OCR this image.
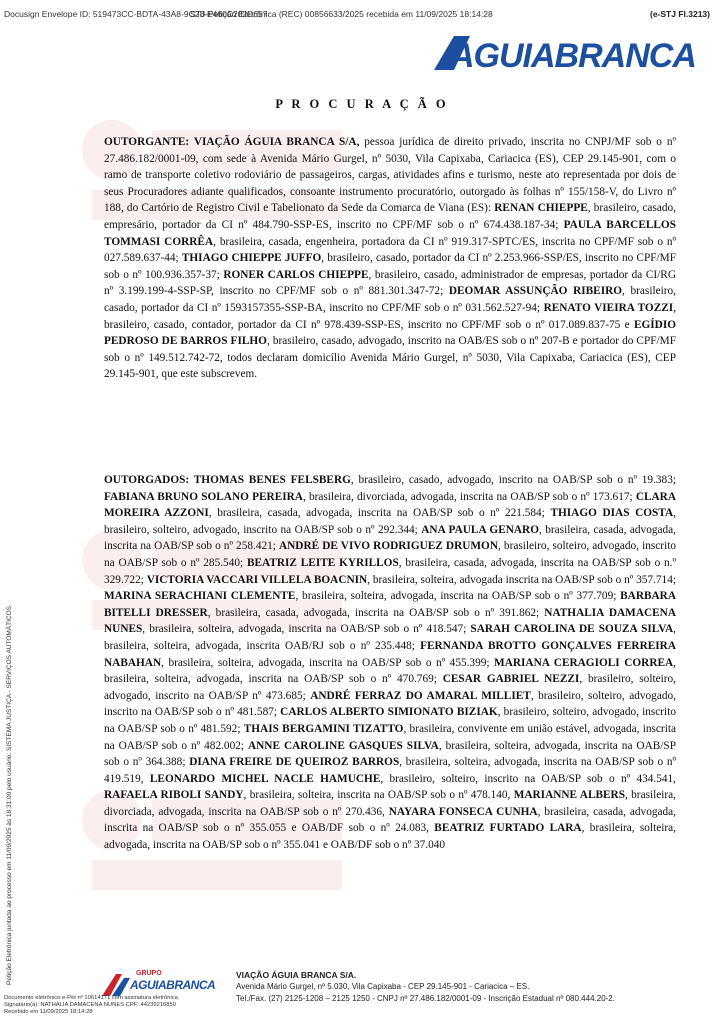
Docusign Envelope ID: 519473CC-BDTA-43A8-9C28-E460C202D657
STJ-Petição Eletrônica (REC) 00856633/2025 recebida em 11/09/2025 18:14:28	(e-STJ Fl.3213)
AGUIABRANCA
P R O C U R A Ç Ã O

OUTORGANTE: VIAÇÃO ÁGUIA BRANCA S/A, pessoa jurídica de direito privado, inscrita no CNPJ/MF sob o nº 27.486.182/0001-09, com sede à Avenida Mário Gurgel, nº 5030, Vila Capixaba, Cariacica (ES), CEP 29.145-901, com o ramo de transporte coletivo rodoviário de passageiros, cargas, atividades afins e turismo, neste ato representada por dois de seus Procuradores adiante qualificados, consoante instrumento procuratório, outorgado às folhas nº 155/158-V, do Livro nº 188, do Cartório de Registro Civil e Tabelionato da Sede da Comarca de Viana (ES): RENAN CHIEPPE, brasileiro, casado, empresário, portador da CI nº 484.790-SSP-ES, inscrito no CPF/MF sob o nº 674.438.187-34; PAULA BARCELLOS TOMMASI CORRÊA, brasileira, casada, engenheira, portadora da CI nº 919.317-SPTC/ES, inscrita no CPF/MF sob o nº 027.589.637-44; THIAGO CHIEPPE JUFFO, brasileiro, casado, portador da CI nº 2.253.966-SSP/ES, inscrito no CPF/MF sob o nº 100.936.357-37; RONER CARLOS CHIEPPE, brasileiro, casado, administrador de empresas, portador da CI/RG nº 3.199.199-4-SSP-SP, inscrito no CPF/MF sob o nº 881.301.347-72; DEOMAR ASSUNÇÃO RIBEIRO, brasileiro, casado, portador da CI nº 1593157355-SSP-BA, inscrito no CPF/MF sob o nº 031.562.527-94; RENATO VIEIRA TOZZI, brasileiro, casado, contador, portador da CI nº 978.439-SSP-ES, inscrito no CPF/MF sob o nº 017.089.837-75 e EGÍDIO PEDROSO DE BARROS FILHO, brasileiro, casado, advogado, inscrito na OAB/ES sob o nº 207-B e portador do CPF/MF sob o nº 149.512.742-72, todos declaram domicílio Avenida Mário Gurgel, nº 5030, Vila Capixaba, Cariacica (ES), CEP 29.145-901, que este subscrevem.

OUTORGADOS: THOMAS BENES FELSBERG, brasileiro, casado, advogado, inscrito na OAB/SP sob o nº 19.383; FABIANA BRUNO SOLANO PEREIRA, brasileira, divorciada, advogada, inscrita na OAB/SP sob o nº 173.617; CLARA MOREIRA AZZONI, brasileira, casada, advogada, inscrita na OAB/SP sob o nº 221.584; THIAGO DIAS COSTA, brasileiro, solteiro, advogado, inscrito na OAB/SP sob o nº 292.344; ANA PAULA GENARO, brasileira, casada, advogada, inscrita na OAB/SP sob o nº 258.421; ANDRÉ DE VIVO RODRIGUEZ DRUMON, brasileiro, solteiro, advogado, inscrito na OAB/SP sob o nº 285.540; BEATRIZ LEITE KYRILLOS, brasileira, casada, advogada, inscrita na OAB/SP sob o n.º 329.722; VICTORIA VACCARI VILLELA BOACNIN, brasileira, solteira, advogada inscrita na OAB/SP sob o nº 357.714; MARINA SERACHIANI CLEMENTE, brasileira, solteira, advogada, inscrita na OAB/SP sob o nº 377.709; BARBARA BITELLI DRESSER, brasileira, casada, advogada, inscrita na OAB/SP sob o nº 391.862; NATHALIA DAMACENA NUNES, brasileira, solteira, advogada, inscrita na OAB/SP sob o nº 418.547; SARAH CAROLINA DE SOUZA SILVA, brasileira, solteira, advogada, inscrita OAB/RJ sob o nº 235.448; FERNANDA BROTTO GONÇALVES FERREIRA NABAHAN, brasileira, solteira, advogada, inscrita na OAB/SP sob o nº 455.399; MARIANA CERAGIOLI CORREA, brasileira, solteira, advogada, inscrita na OAB/SP sob o nº 470.769; CESAR GABRIEL NEZZI, brasileiro, solteiro, advogado, inscrito na OAB/SP nº 473.685; ANDRÉ FERRAZ DO AMARAL MILLIET, brasileiro, solteiro, advogado, inscrito na OAB/SP sob o nº 481.587; CARLOS ALBERTO SIMIONATO BIZIAK, brasileiro, solteiro, advogado, inscrito na OAB/SP sob o nº 481.592; THAIS BERGAMINI TIZATTO, brasileira, convivente em união estável, advogada, inscrita na OAB/SP sob o nº 482.002; ANNE CAROLINE GASQUES SILVA, brasileira, solteira, advogada, inscrita na OAB/SP sob o nº 364.388; DIANA FREIRE DE QUEIROZ BARROS, brasileira, solteira, advogada, inscrita na OAB/SP sob o nº 419.519, LEONARDO MICHEL NACLE HAMUCHE, brasileiro, solteiro, inscrito na OAB/SP sob o nº 434.541, RAFAELA RIBOLI SANDY, brasileira, solteira, inscrita na OAB/SP sob o nº 478.140, MARIANNE ALBERS, brasileira, divorciada, advogada, inscrita na OAB/SP sob o nº 270.436, NAYARA FONSECA CUNHA, brasileira, casada, advogada, inscrita na OAB/SP sob o nº 355.055 e OAB/DF sob o nº 24.083, BEATRIZ FURTADO LARA, brasileira, solteira, advogada, inscrita na OAB/SP sob o nº 355.041 e OAB/DF sob o nº 37.040

Petição Eletrônica juntada ao processo em 11/09/2025 às 18:31:00 pelo usuário: SISTEMA JUSTIÇA - SERVIÇOS AUTOMÁTICOS	GRUPO
AGUIABRANCA
VIAÇÃO ÁGUIA BRANCA S/A.
Avenida Mário Gurgel, nº 5.030, Vila Capixaba - CEP 29.145-901 - Cariacica – ES.
Tel./Fax. (27) 2125-1208 – 2125 1250 - CNPJ nº 27.486.182/0001-09 - Inscrição Estadual nº 080.444.20-2.
Documento eletrônico e-Pet nº 10614171 com assinatura eletrônica
Signatário(a): NATHALIA DAMACENA NUNES CPF: 44239216850
Recebido em 11/09/2025 18:14:28
